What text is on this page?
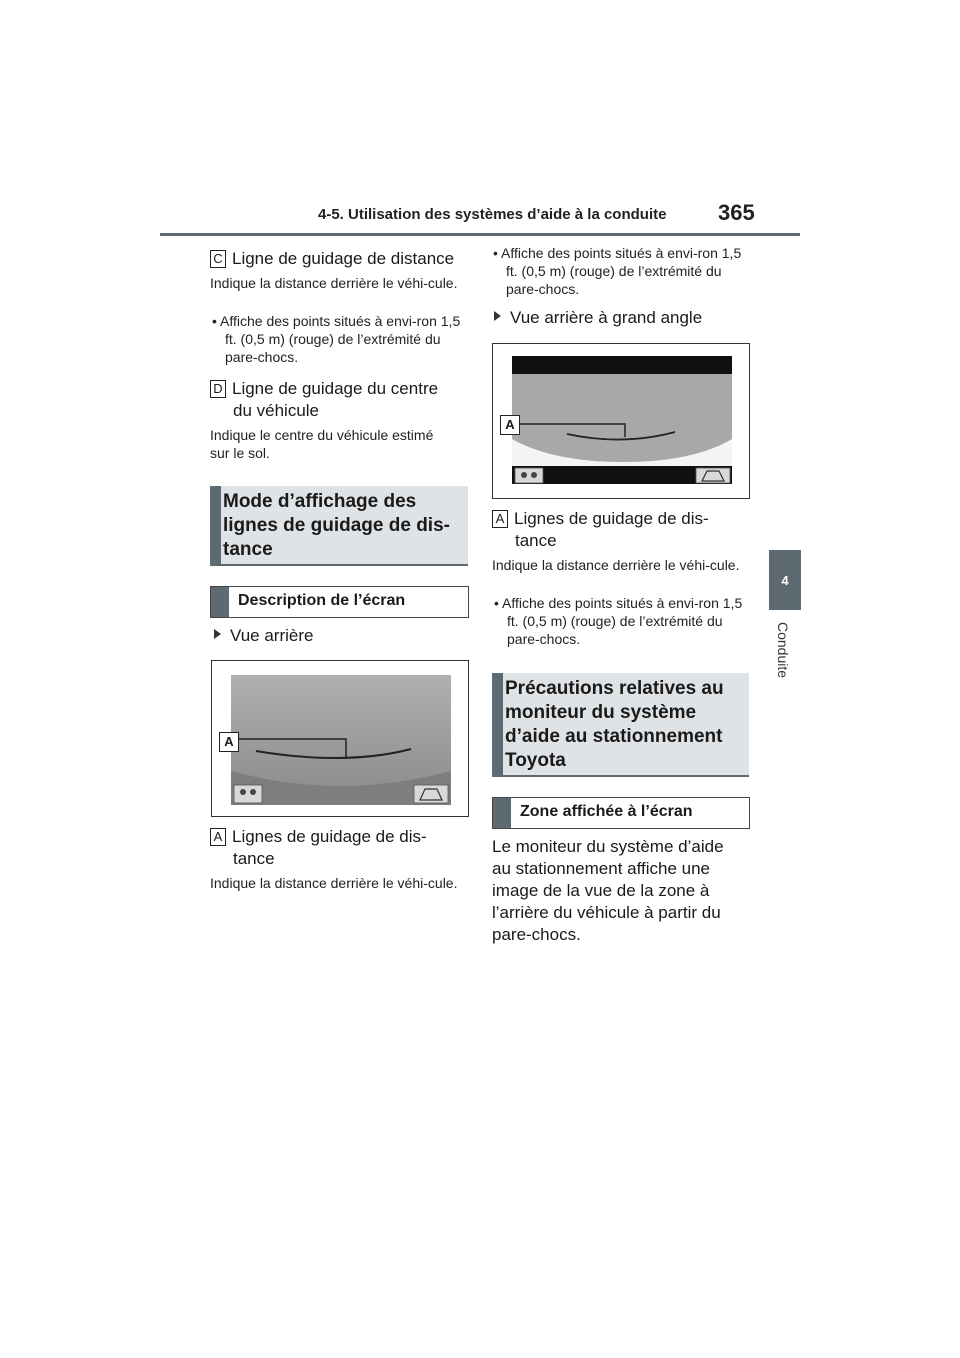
4-5. Utilisation des systèmes d’aide à la conduite 365
4
Conduite
C Ligne de guidage de distance
Indique la distance derrière le véhi-cule.
• Affiche des points situés à envi-ron 1,5 ft. (0,5 m) (rouge) de l’extrémité du pare-chocs.
D Ligne de guidage du centre
du véhicule
Indique le centre du véhicule estimé sur le sol.
Mode d’affichage des lignes de guidage de dis-tance
Description de l’écran
Vue arrière
A
A Lignes de guidage de dis-
tance
Indique la distance derrière le véhi-cule.
• Affiche des points situés à envi-ron 1,5 ft. (0,5 m) (rouge) de l’extrémité du pare-chocs.
Vue arrière à grand angle
A
A Lignes de guidage de dis-
tance
Indique la distance derrière le véhi-cule.
• Affiche des points situés à envi-ron 1,5 ft. (0,5 m) (rouge) de l’extrémité du pare-chocs.
Précautions relatives au moniteur du système d’aide au stationnement Toyota
Zone affichée à l’écran
Le moniteur du système d’aide au stationnement affiche une image de la vue de la zone à l’arrière du véhicule à partir du pare-chocs.
